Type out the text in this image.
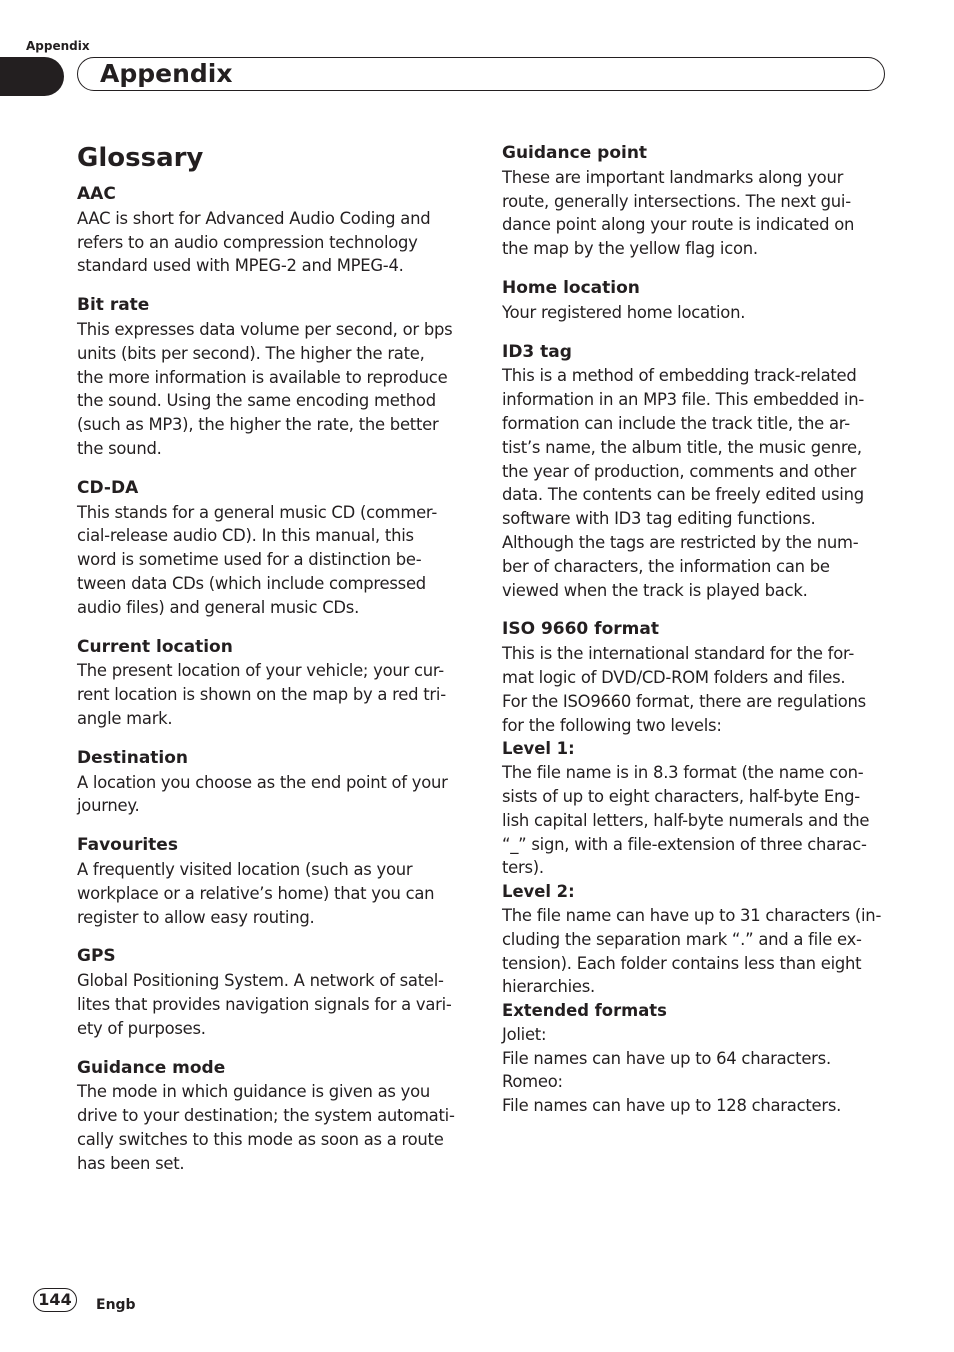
Appendix
Appendix
Glossary
AAC
AAC is short for Advanced Audio Coding and
refers to an audio compression technology
standard used with MPEG-2 and MPEG-4.
Bit rate
This expresses data volume per second, or bps
units (bits per second). The higher the rate,
the more information is available to reproduce
the sound. Using the same encoding method
(such as MP3), the higher the rate, the better
the sound.
CD-DA
This stands for a general music CD (commer-
cial-release audio CD). In this manual, this
word is sometime used for a distinction be-
tween data CDs (which include compressed
audio files) and general music CDs.
Current location
The present location of your vehicle; your cur-
rent location is shown on the map by a red tri-
angle mark.
Destination
A location you choose as the end point of your
journey.
Favourites
A frequently visited location (such as your
workplace or a relative’s home) that you can
register to allow easy routing.
GPS
Global Positioning System. A network of satel-
lites that provides navigation signals for a vari-
ety of purposes.
Guidance mode
The mode in which guidance is given as you
drive to your destination; the system automati-
cally switches to this mode as soon as a route
has been set.
Guidance point
These are important landmarks along your
route, generally intersections. The next gui-
dance point along your route is indicated on
the map by the yellow flag icon.
Home location
Your registered home location.
ID3 tag
This is a method of embedding track-related
information in an MP3 file. This embedded in-
formation can include the track title, the ar-
tist’s name, the album title, the music genre,
the year of production, comments and other
data. The contents can be freely edited using
software with ID3 tag editing functions.
Although the tags are restricted by the num-
ber of characters, the information can be
viewed when the track is played back.
ISO 9660 format
This is the international standard for the for-
mat logic of DVD/CD-ROM folders and files.
For the ISO9660 format, there are regulations
for the following two levels:
Level 1:
The file name is in 8.3 format (the name con-
sists of up to eight characters, half-byte Eng-
lish capital letters, half-byte numerals and the
“_” sign, with a file-extension of three charac-
ters).
Level 2:
The file name can have up to 31 characters (in-
cluding the separation mark “.” and a file ex-
tension). Each folder contains less than eight
hierarchies.
Extended formats
Joliet:
File names can have up to 64 characters.
Romeo:
File names can have up to 128 characters.
144	Engb
